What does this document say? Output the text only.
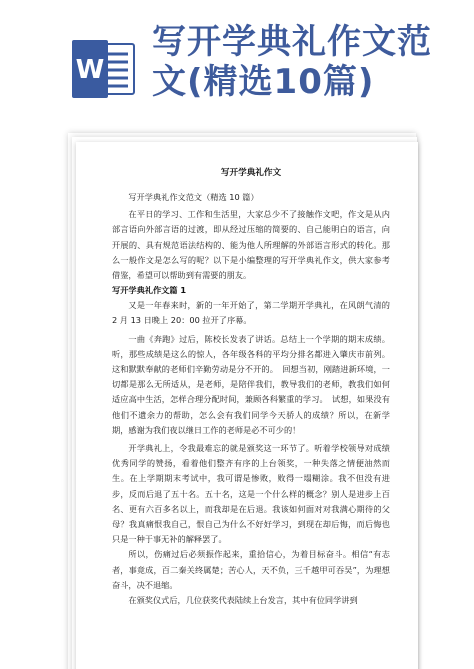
W
写开学典礼作文范
文(精选10篇)
写开学典礼作文

写开学典礼作文范文（精选 10 篇）

在平日的学习、工作和生活里，大家总少不了接触作文吧，作文是从内部言语向外部言语的过渡，即从经过压缩的简要的、自己能明白的语言，向开展的、具有规范语法结构的、能为他人所理解的外部语言形式的转化。那么一般作文是怎么写的呢？以下是小编整理的写开学典礼作文，供大家参考借鉴，希望可以帮助到有需要的朋友。

写开学典礼作文篇 1

又是一年春来时，新的一年开始了，第二学期开学典礼，在风朗气清的 2 月 13 日晚上 20：00 拉开了序幕。

一曲《奔跑》过后，陈校长发表了讲话。总结上一个学期的期末成绩。听，那些成绩是这么的惊人，各年级各科的平均分排名都进入肇庆市前列。这和默默奉献的老师们辛勤劳动是分不开的。　回想当初，刚踏进新环境，一切都是那么无所适从，是老师，是陪伴我们，教导我们的老师，教我们如何适应高中生活，怎样合理分配时间，兼顾各科繁重的学习。　试想，如果没有他们不遗余力的帮助，怎么会有我们同学今天骄人的成绩？所以，在新学期，感谢为我们夜以继日工作的老师是必不可少的！

开学典礼上，令我最难忘的就是颁奖这一环节了。听着学校领导对成绩优秀同学的赞扬，看着他们整齐有序的上台领奖，一种失落之情便油然而生。在上学期期末考试中，我可谓是惨败，败得一塌糊涂。我不但没有进步，反而后退了五十名。五十名，这是一个什么样的概念？别人是进步上百名、更有六百多名以上，而我却是在后退。我该如何面对对我满心期待的父母？我真痛恨我自己，恨自己为什么不好好学习，到现在却后悔，而后悔也只是一种于事无补的解释罢了。

所以，伤痛过后必须振作起来，重拾信心，为着目标奋斗。相信“有志者，事竟成，百二秦关终属楚；苦心人，天不负，三千越甲可吞吴”，为理想奋斗，决不退缩。

在颁奖仪式后，几位获奖代表陆续上台发言，其中有位同学讲到
